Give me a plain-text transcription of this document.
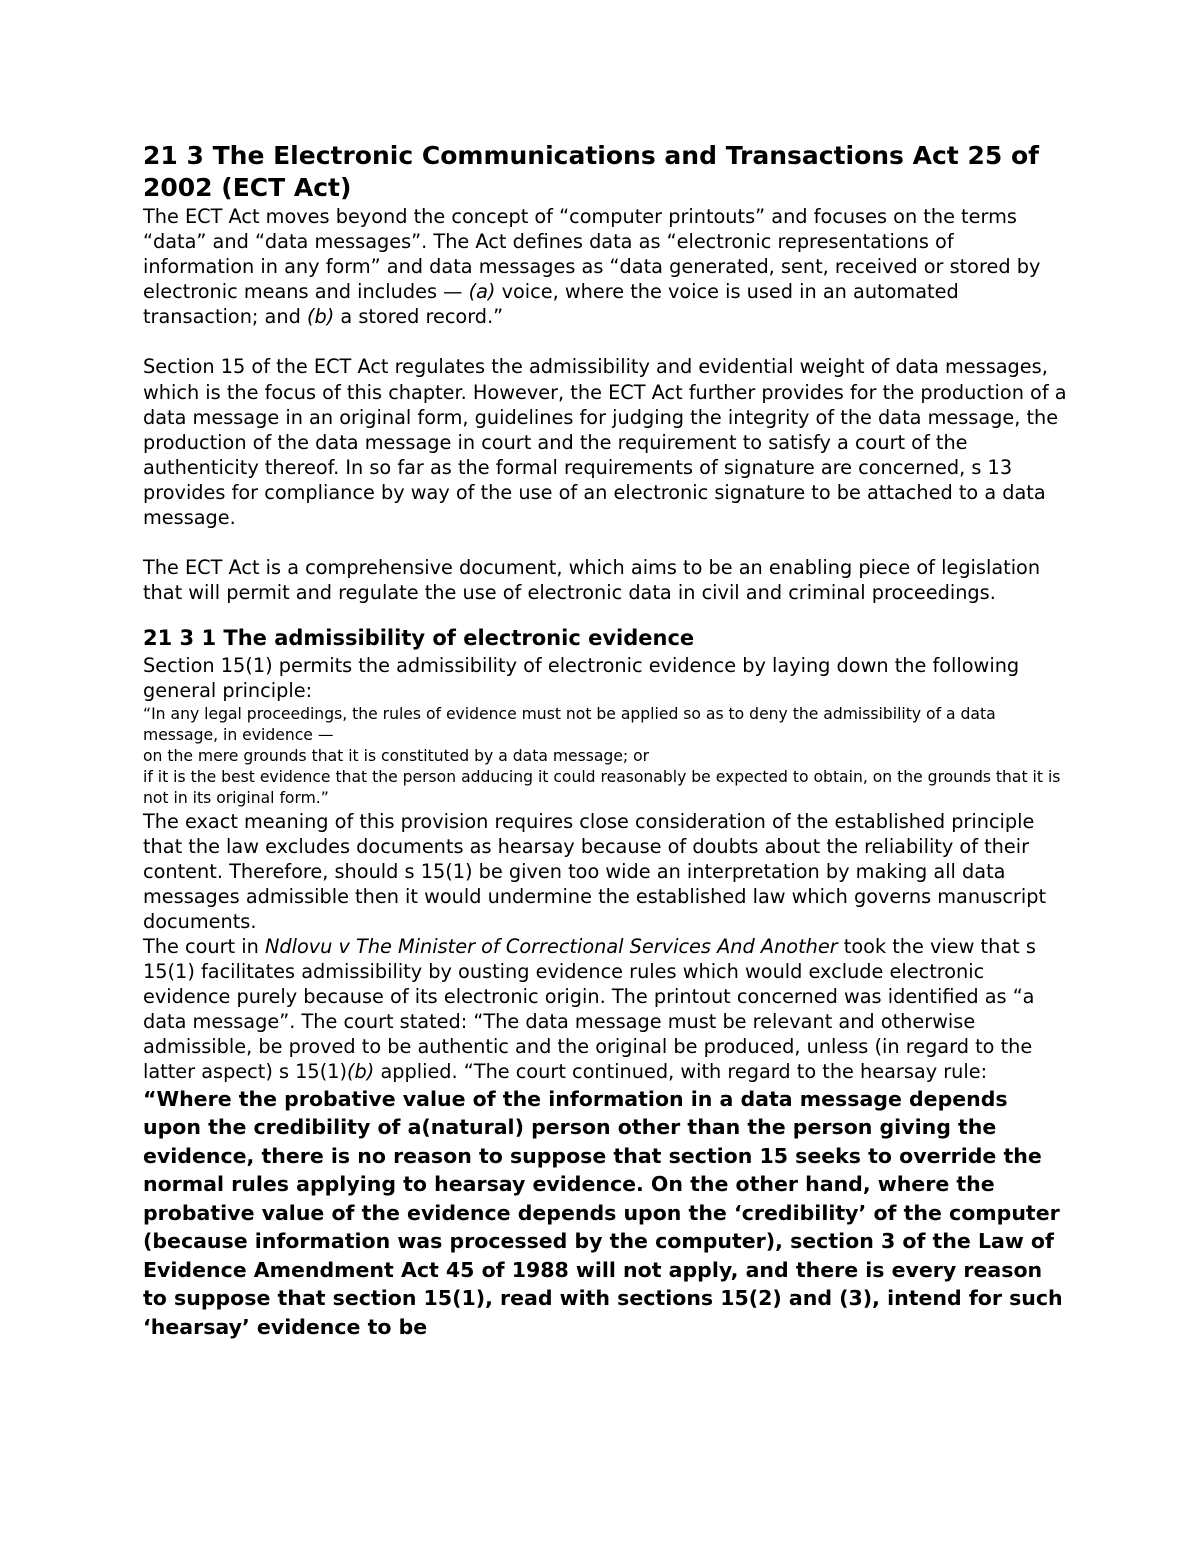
21 3 The Electronic Communications and Transactions Act 25 of
2002 (ECT Act)

The ECT Act moves beyond the concept of “computer printouts” and focuses on the terms “data” and “data messages”. The Act defines data as “electronic representations of information in any form” and data messages as “data generated, sent, received or stored by electronic means and includes — (a) voice, where the voice is used in an automated transaction; and (b) a stored record.”

Section 15 of the ECT Act regulates the admissibility and evidential weight of data messages, which is the focus of this chapter. However, the ECT Act further provides for the production of a data message in an original form, guidelines for judging the integrity of the data message, the production of the data message in court and the requirement to satisfy a court of the authenticity thereof. In so far as the formal requirements of signature are concerned, s 13 provides for compliance by way of the use of an electronic signature to be attached to a data message.

The ECT Act is a comprehensive document, which aims to be an enabling piece of legislation that will permit and regulate the use of electronic data in civil and criminal proceedings.

21 3 1 The admissibility of electronic evidence

Section 15(1) permits the admissibility of electronic evidence by laying down the following general principle:

“In any legal proceedings, the rules of evidence must not be applied so as to deny the admissibility of a data message, in evidence —
on the mere grounds that it is constituted by a data message; or
if it is the best evidence that the person adducing it could reasonably be expected to obtain, on the grounds that it is not in its original form.”

The exact meaning of this provision requires close consideration of the established principle that the law excludes documents as hearsay because of doubts about the reliability of their content. Therefore, should s 15(1) be given too wide an interpretation by making all data messages admissible then it would undermine the established law which governs manuscript documents.

The court in Ndlovu v The Minister of Correctional Services And Another took the view that s 15(1) facilitates admissibility by ousting evidence rules which would exclude electronic evidence purely because of its electronic origin. The printout concerned was identified as “a data message”. The court stated: “The data message must be relevant and otherwise admissible, be proved to be authentic and the original be produced, unless (in regard to the latter aspect) s 15(1)(b) applied. “The court continued, with regard to the hearsay rule: “Where the probative value of the information in a data message depends upon the credibility of a(natural) person other than the person giving the evidence, there is no reason to suppose that section 15 seeks to override the normal rules applying to hearsay evidence. On the other hand, where the probative value of the evidence depends upon the ‘credibility’ of the computer (because information was processed by the computer), section 3 of the Law of Evidence Amendment Act 45 of 1988 will not apply, and there is every reason to suppose that section 15(1), read with sections 15(2) and (3), intend for such ‘hearsay’ evidence to be
